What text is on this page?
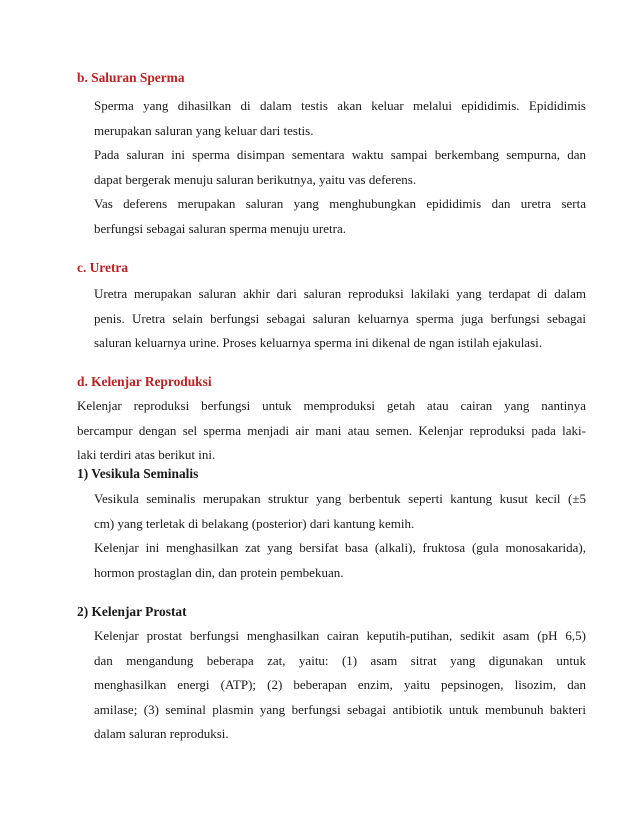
b. Saluran Sperma
Sperma yang dihasilkan di dalam testis akan keluar melalui epididimis. Epididimis
merupakan saluran yang keluar dari testis.
Pada saluran ini sperma disimpan sementara waktu sampai berkembang sempurna, dan
dapat bergerak menuju saluran berikutnya, yaitu vas deferens.
Vas deferens merupakan saluran yang menghubungkan epididimis dan uretra serta
berfungsi sebagai saluran sperma menuju uretra.
c. Uretra
Uretra merupakan saluran akhir dari saluran reproduksi lakilaki yang terdapat di dalam
penis. Uretra selain berfungsi sebagai saluran keluarnya sperma juga berfungsi sebagai
saluran keluarnya urine. Proses keluarnya sperma ini dikenal de ngan istilah ejakulasi.
d. Kelenjar Reproduksi
Kelenjar reproduksi berfungsi untuk memproduksi getah atau cairan yang nantinya
bercampur dengan sel sperma menjadi air mani atau semen. Kelenjar reproduksi pada laki-
laki terdiri atas berikut ini.
1) Vesikula Seminalis
Vesikula seminalis merupakan struktur yang berbentuk seperti kantung kusut kecil (±5
cm) yang terletak di belakang (posterior) dari kantung kemih.
Kelenjar ini menghasilkan zat yang bersifat basa (alkali), fruktosa (gula monosakarida),
hormon prostaglan din, dan protein pembekuan.
2) Kelenjar Prostat
Kelenjar prostat berfungsi menghasilkan cairan keputih-putihan, sedikit asam (pH 6,5)
dan mengandung beberapa zat, yaitu: (1) asam sitrat yang digunakan untuk
menghasilkan energi (ATP); (2) beberapan enzim, yaitu pepsinogen, lisozim, dan
amilase; (3) seminal plasmin yang berfungsi sebagai antibiotik untuk membunuh bakteri
dalam saluran reproduksi.
